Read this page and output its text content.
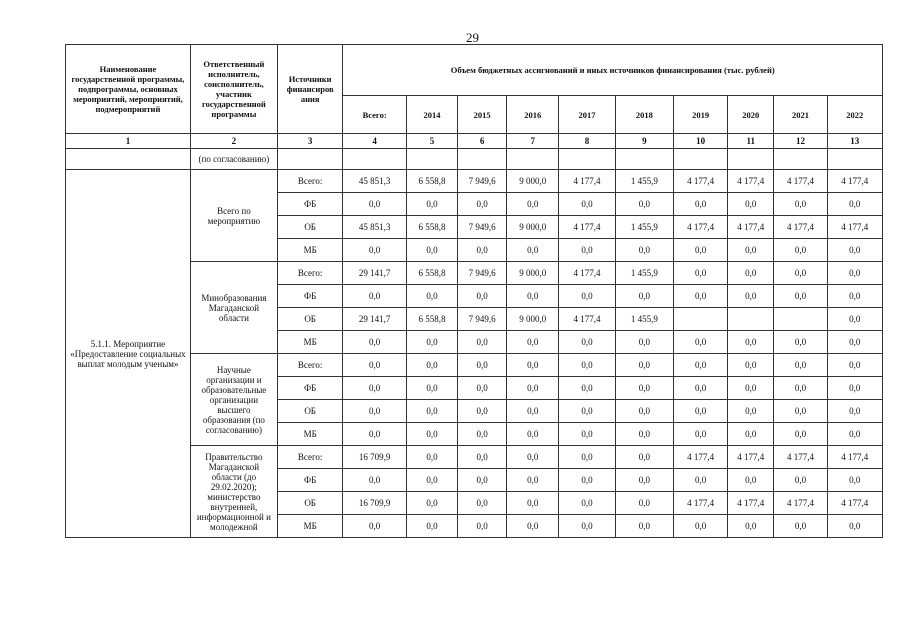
29
Наименование государственной программы, подпрограммы, основных мероприятий, мероприятий, подмероприятий	Ответственный исполнитель, соисполнитель, участник государственной программы	Источники финансиров ания	Объем бюджетных ассигнований и иных источников финансирования (тыс. рублей)									
			Всего:	2014	2015	2016	2017	2018	2019	2020	2021	2022
1	2	3	4	5	6	7	8	9	10	11	12	13
	(по согласованию)											
5.1.1. Мероприятие «Предоставление социальных выплат молодым ученым»	Всего по мероприятию	Всего:	45 851,3	6 558,8	7 949,6	9 000,0	4 177,4	1 455,9	4 177,4	4 177,4	4 177,4	4 177,4
		ФБ	0,0	0,0	0,0	0,0	0,0	0,0	0,0	0,0	0,0	0,0
		ОБ	45 851,3	6 558,8	7 949,6	9 000,0	4 177,4	1 455,9	4 177,4	4 177,4	4 177,4	4 177,4
		МБ	0,0	0,0	0,0	0,0	0,0	0,0	0,0	0,0	0,0	0,0
	Минобразования Магаданской области	Всего:	29 141,7	6 558,8	7 949,6	9 000,0	4 177,4	1 455,9	0,0	0,0	0,0	0,0
		ФБ	0,0	0,0	0,0	0,0	0,0	0,0	0,0	0,0	0,0	0,0
		ОБ	29 141,7	6 558,8	7 949,6	9 000,0	4 177,4	1 455,9				0,0
		МБ	0,0	0,0	0,0	0,0	0,0	0,0	0,0	0,0	0,0	0,0
	Научные организации и образовательные организации высшего образования (по согласованию)	Всего:	0,0	0,0	0,0	0,0	0,0	0,0	0,0	0,0	0,0	0,0
		ФБ	0,0	0,0	0,0	0,0	0,0	0,0	0,0	0,0	0,0	0,0
		ОБ	0,0	0,0	0,0	0,0	0,0	0,0	0,0	0,0	0,0	0,0
		МБ	0,0	0,0	0,0	0,0	0,0	0,0	0,0	0,0	0,0	0,0
	Правительство Магаданской области (до 29.02.2020); министерство внутренней, информационной и молодежной	Всего:	16 709,9	0,0	0,0	0,0	0,0	0,0	4 177,4	4 177,4	4 177,4	4 177,4
		ФБ	0,0	0,0	0,0	0,0	0,0	0,0	0,0	0,0	0,0	0,0
		ОБ	16 709,9	0,0	0,0	0,0	0,0	0,0	4 177,4	4 177,4	4 177,4	4 177,4
		МБ	0,0	0,0	0,0	0,0	0,0	0,0	0,0	0,0	0,0	0,0
